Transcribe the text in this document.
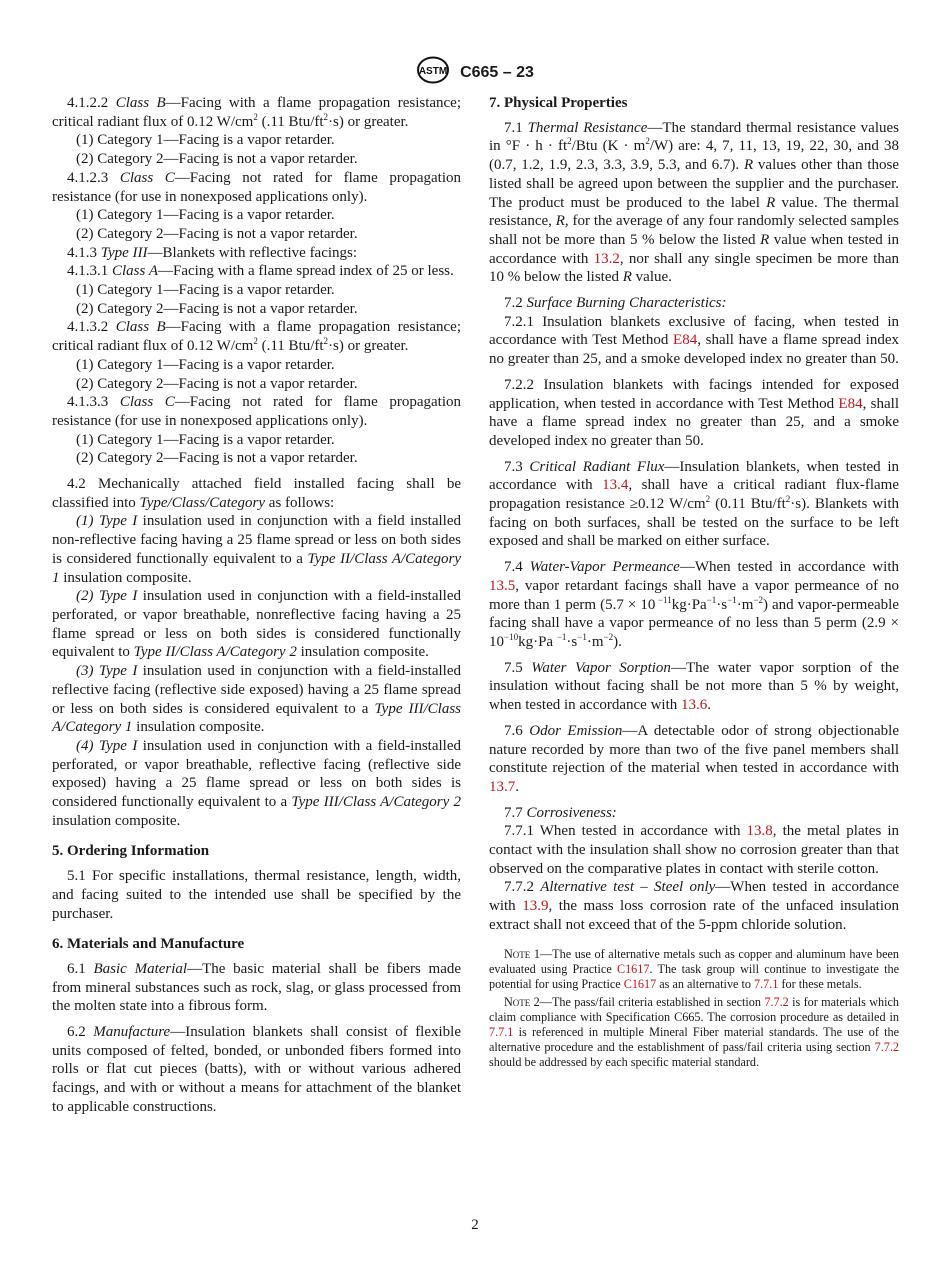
ASTM C665 – 23

4.1.2.2 Class B—Facing with a flame propagation resistance; critical radiant flux of 0.12 $W/cm^2$ (.11 Btu/$ft^2\cdot s$) or greater.

(1) Category 1—Facing is a vapor retarder.

(2) Category 2—Facing is not a vapor retarder.

4.1.2.3 Class C—Facing not rated for flame propagation resistance (for use in nonexposed applications only).

(1) Category 1—Facing is a vapor retarder.

(2) Category 2—Facing is not a vapor retarder.

4.1.3 Type III—Blankets with reflective facings:

4.1.3.1 Class A—Facing with a flame spread index of 25 or less.

(1) Category 1—Facing is a vapor retarder.

(2) Category 2—Facing is not a vapor retarder.

4.1.3.2 Class B—Facing with a flame propagation resistance; critical radiant flux of 0.12 $W/cm^2$ (.11 Btu/$ft^2\cdot s$) or greater.

(1) Category 1—Facing is a vapor retarder.

(2) Category 2—Facing is not a vapor retarder.

4.1.3.3 Class C—Facing not rated for flame propagation resistance (for use in nonexposed applications only).

(1) Category 1—Facing is a vapor retarder.

(2) Category 2—Facing is not a vapor retarder.

4.2 Mechanically attached field installed facing shall be classified into Type/Class/Category as follows:

(1) Type I insulation used in conjunction with a field installed non-reflective facing having a 25 flame spread or less on both sides is considered functionally equivalent to a Type II/Class A/Category 1 insulation composite.

(2) Type I insulation used in conjunction with a field-installed perforated, or vapor breathable, nonreflective facing having a 25 flame spread or less on both sides is considered functionally equivalent to Type II/Class A/Category 2 insulation composite.

(3) Type I insulation used in conjunction with a field-installed reflective facing (reflective side exposed) having a 25 flame spread or less on both sides is considered equivalent to a Type III/Class A/Category 1 insulation composite.

(4) Type I insulation used in conjunction with a field-installed perforated, or vapor breathable, reflective facing (reflective side exposed) having a 25 flame spread or less on both sides is considered functionally equivalent to a Type III/Class A/Category 2 insulation composite.

5. Ordering Information

5.1 For specific installations, thermal resistance, length, width, and facing suited to the intended use shall be specified by the purchaser.

6. Materials and Manufacture

6.1 Basic Material—The basic material shall be fibers made from mineral substances such as rock, slag, or glass processed from the molten state into a fibrous form.

6.2 Manufacture—Insulation blankets shall consist of flexible units composed of felted, bonded, or unbonded fibers formed into rolls or flat cut pieces (batts), with or without various adhered facings, and with or without a means for attachment of the blanket to applicable constructions.

7. Physical Properties

7.1 Thermal Resistance—The standard thermal resistance values in $^\circ F \cdot h \cdot ft^2$/Btu $(K \cdot m^2/W)$ are: 4, 7, 11, 13, 19, 22, 30, and 38 (0.7, 1.2, 1.9, 2.3, 3.3, 3.9, 5.3, and 6.7). R values other than those listed shall be agreed upon between the supplier and the purchaser. The product must be produced to the label R value. The thermal resistance, R, for the average of any four randomly selected samples shall not be more than 5 % below the listed R value when tested in accordance with 13.2, nor shall any single specimen be more than 10 % below the listed R value.

7.2 Surface Burning Characteristics:

7.2.1 Insulation blankets exclusive of facing, when tested in accordance with Test Method E84, shall have a flame spread index no greater than 25, and a smoke developed index no greater than 50.

7.2.2 Insulation blankets with facings intended for exposed application, when tested in accordance with Test Method E84, shall have a flame spread index no greater than 25, and a smoke developed index no greater than 50.

7.3 Critical Radiant Flux—Insulation blankets, when tested in accordance with 13.4, shall have a critical radiant flux-flame propagation resistance ≥0.12 $W/cm^2$ (0.11 Btu/$ft^2\cdot s$). Blankets with facing on both surfaces, shall be tested on the surface to be left exposed and shall be marked on either surface.

7.4 Water-Vapor Permeance—When tested in accordance with 13.5, vapor retardant facings shall have a vapor permeance of no more than 1 perm (5.7 × 10 $^{-11}kg\cdot Pa^{-1}\cdot s^{-1}\cdot m^{-2}$) and vapor-permeable facing shall have a vapor permeance of no less than 5 perm ($2.9 \times 10^{-10}kg\cdot Pa$ $^{-1}\cdot s^{-1}\cdot m^{-2}$).

7.5 Water Vapor Sorption—The water vapor sorption of the insulation without facing shall be not more than 5 % by weight, when tested in accordance with 13.6.

7.6 Odor Emission—A detectable odor of strong objectionable nature recorded by more than two of the five panel members shall constitute rejection of the material when tested in accordance with 13.7.

7.7 Corrosiveness:

7.7.1 When tested in accordance with 13.8, the metal plates in contact with the insulation shall show no corrosion greater than that observed on the comparative plates in contact with sterile cotton.

7.7.2 Alternative test – Steel only—When tested in accordance with 13.9, the mass loss corrosion rate of the unfaced insulation extract shall not exceed that of the 5-ppm chloride solution.

Note 1—The use of alternative metals such as copper and aluminum have been evaluated using Practice C1617. The task group will continue to investigate the potential for using Practice C1617 as an alternative to 7.7.1 for these metals.
Note 2—The pass/fail criteria established in section 7.7.2 is for materials which claim compliance with Specification C665. The corrosion procedure as detailed in 7.7.1 is referenced in multiple Mineral Fiber material standards. The use of the alternative procedure and the establishment of pass/fail criteria using section 7.7.2 should be addressed by each specific material standard.
2
